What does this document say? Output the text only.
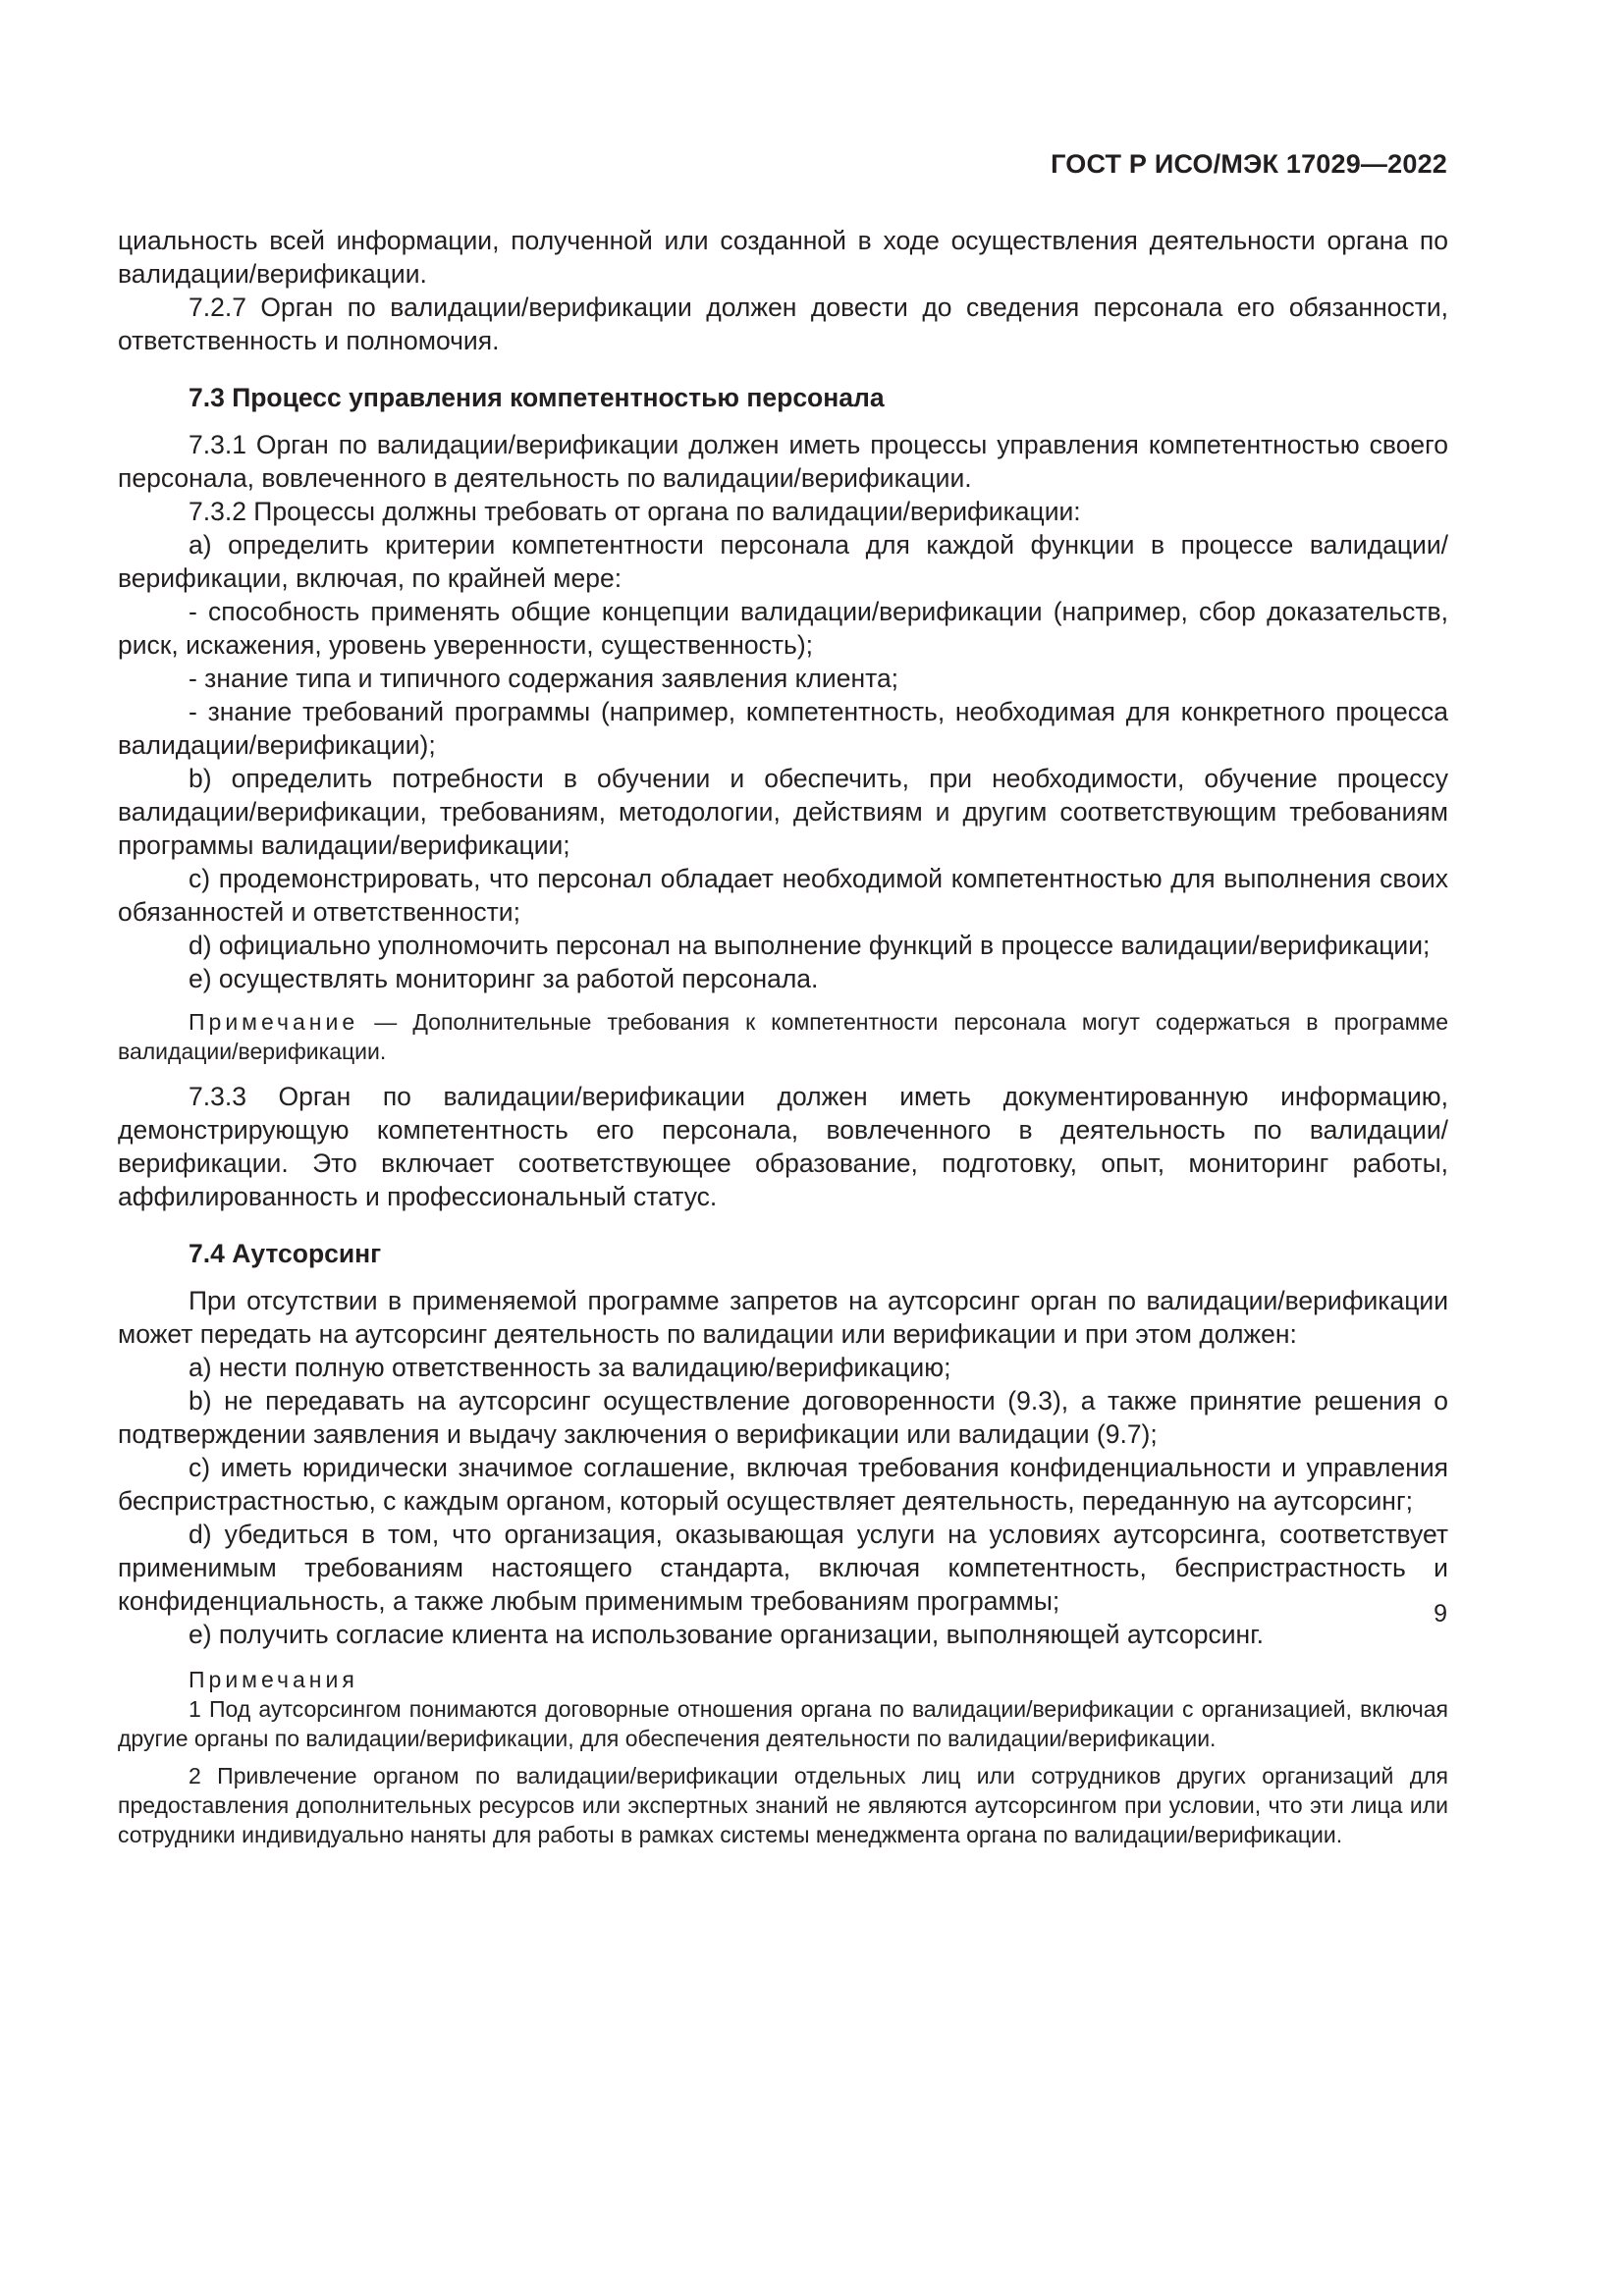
ГОСТ Р ИСО/МЭК 17029—2022

циальность всей информации, полученной или созданной в ходе осуществления деятельности органа по валидации/верификации.

7.2.7 Орган по валидации/верификации должен довести до сведения персонала его обязанности, ответственность и полномочия.

7.3 Процесс управления компетентностью персонала

7.3.1 Орган по валидации/верификации должен иметь процессы управления компетентностью своего персонала, вовлеченного в деятельность по валидации/верификации.

7.3.2 Процессы должны требовать от органа по валидации/верификации:

a) определить критерии компетентности персонала для каждой функции в процессе валидации/верификации, включая, по крайней мере:

- способность применять общие концепции валидации/верификации (например, сбор доказательств, риск, искажения, уровень уверенности, существенность);

- знание типа и типичного содержания заявления клиента;

- знание требований программы (например, компетентность, необходимая для конкретного процесса валидации/верификации);

b) определить потребности в обучении и обеспечить, при необходимости, обучение процессу валидации/верификации, требованиям, методологии, действиям и другим соответствующим требованиям программы валидации/верификации;

c) продемонстрировать, что персонал обладает необходимой компетентностью для выполнения своих обязанностей и ответственности;

d) официально уполномочить персонал на выполнение функций в процессе валидации/верификации;

e) осуществлять мониторинг за работой персонала.

Примечание — Дополнительные требования к компетентности персонала могут содержаться в программе валидации/верификации.

7.3.3 Орган по валидации/верификации должен иметь документированную информацию, демонстрирующую компетентность его персонала, вовлеченного в деятельность по валидации/верификации. Это включает соответствующее образование, подготовку, опыт, мониторинг работы, аффилированность и профессиональный статус.

7.4 Аутсорсинг

При отсутствии в применяемой программе запретов на аутсорсинг орган по валидации/верификации может передать на аутсорсинг деятельность по валидации или верификации и при этом должен:

a) нести полную ответственность за валидацию/верификацию;

b) не передавать на аутсорсинг осуществление договоренности (9.3), а также принятие решения о подтверждении заявления и выдачу заключения о верификации или валидации (9.7);

c) иметь юридически значимое соглашение, включая требования конфиденциальности и управления беспристрастностью, с каждым органом, который осуществляет деятельность, переданную на аутсорсинг;

d) убедиться в том, что организация, оказывающая услуги на условиях аутсорсинга, соответствует применимым требованиям настоящего стандарта, включая компетентность, беспристрастность и конфиденциальность, а также любым применимым требованиям программы;

e) получить согласие клиента на использование организации, выполняющей аутсорсинг.

Примечания

1 Под аутсорсингом понимаются договорные отношения органа по валидации/верификации с организацией, включая другие органы по валидации/верификации, для обеспечения деятельности по валидации/верификации.

2 Привлечение органом по валидации/верификации отдельных лиц или сотрудников других организаций для предоставления дополнительных ресурсов или экспертных знаний не являются аутсорсингом при условии, что эти лица или сотрудники индивидуально наняты для работы в рамках системы менеджмента органа по валидации/верификации.

9
